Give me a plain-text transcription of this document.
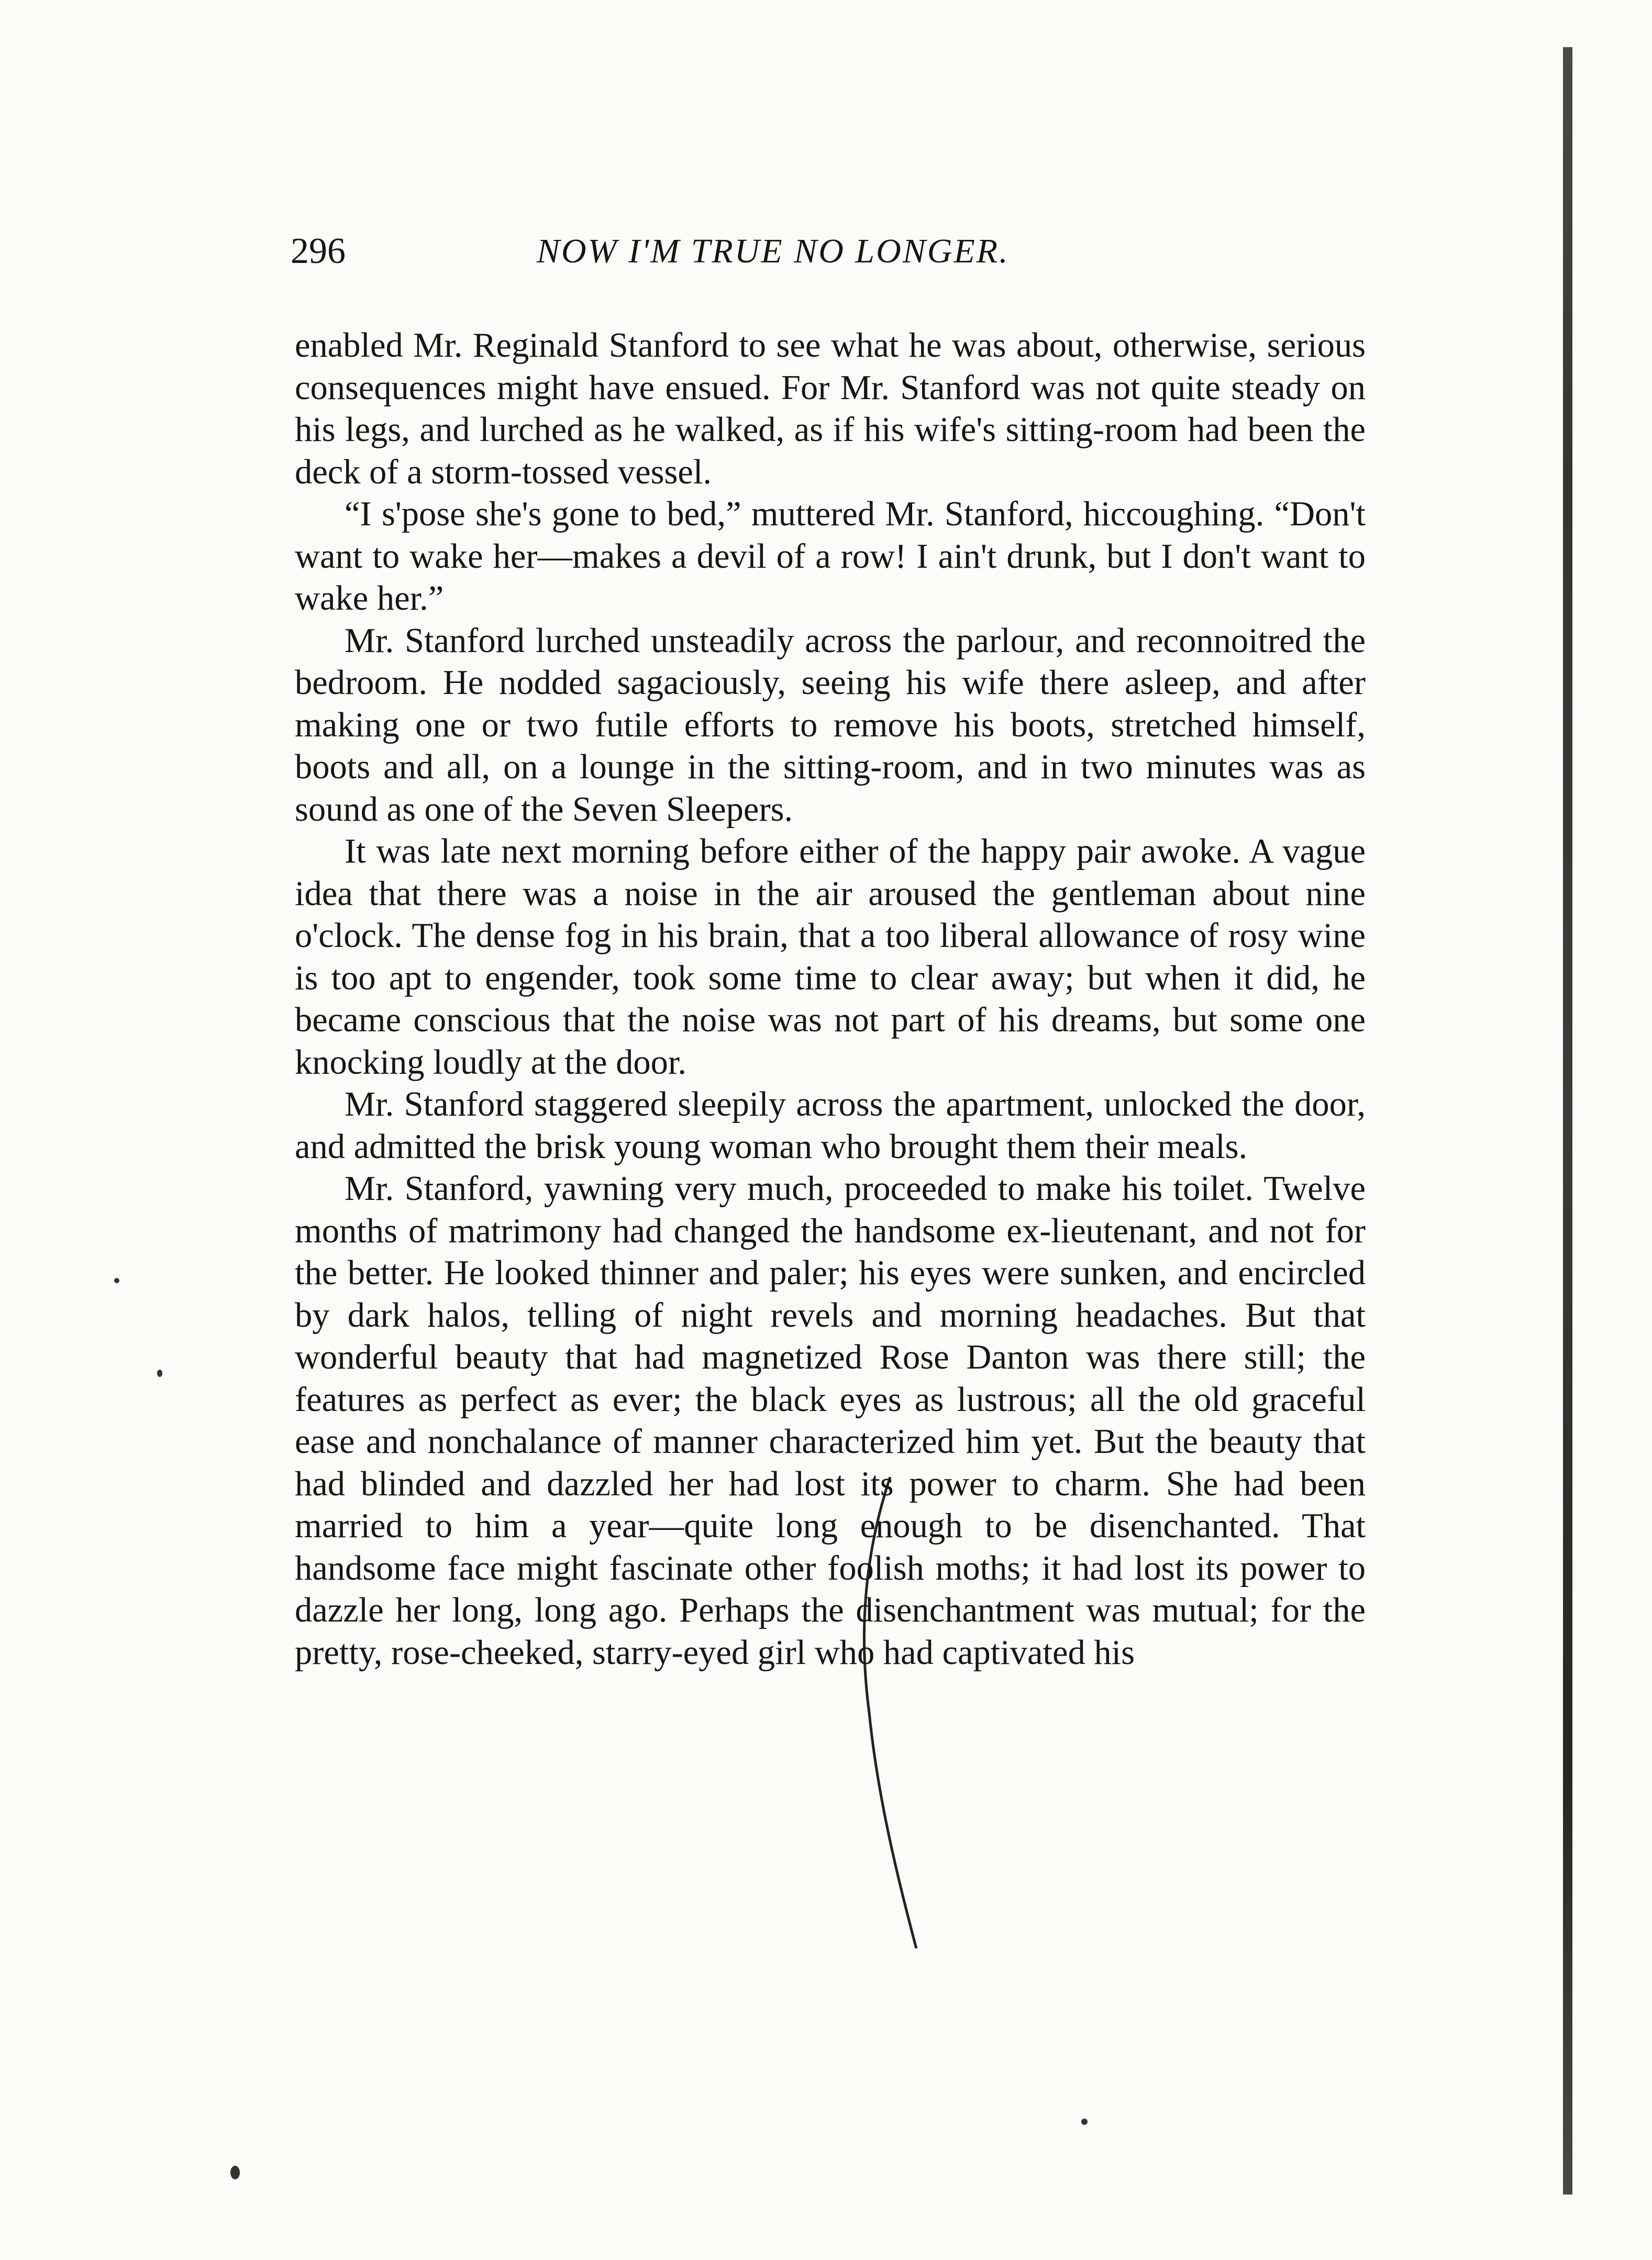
296	NOW I'M TRUE NO LONGER.

enabled Mr. Reginald Stanford to see what he was about, otherwise, serious consequences might have ensued. For Mr. Stanford was not quite steady on his legs, and lurched as he walked, as if his wife's sitting-room had been the deck of a storm-tossed vessel.

“I s'pose she's gone to bed,” muttered Mr. Stanford, hiccoughing. “Don't want to wake her—makes a devil of a row! I ain't drunk, but I don't want to wake her.”

Mr. Stanford lurched unsteadily across the parlour, and reconnoitred the bedroom. He nodded sagaciously, seeing his wife there asleep, and after making one or two futile efforts to remove his boots, stretched himself, boots and all, on a lounge in the sitting-room, and in two minutes was as sound as one of the Seven Sleepers.

It was late next morning before either of the happy pair awoke. A vague idea that there was a noise in the air aroused the gentleman about nine o'clock. The dense fog in his brain, that a too liberal allowance of rosy wine is too apt to engender, took some time to clear away; but when it did, he became conscious that the noise was not part of his dreams, but some one knocking loudly at the door.

Mr. Stanford staggered sleepily across the apartment, unlocked the door, and admitted the brisk young woman who brought them their meals.

Mr. Stanford, yawning very much, proceeded to make his toilet. Twelve months of matrimony had changed the handsome ex-lieutenant, and not for the better. He looked thinner and paler; his eyes were sunken, and encircled by dark halos, telling of night revels and morning headaches. But that wonderful beauty that had magnetized Rose Danton was there still; the features as perfect as ever; the black eyes as lustrous; all the old graceful ease and nonchalance of manner characterized him yet. But the beauty that had blinded and dazzled her had lost its power to charm. She had been married to him a year—quite long enough to be disenchanted. That handsome face might fascinate other foolish moths; it had lost its power to dazzle her long, long ago. Perhaps the disenchantment was mutual; for the pretty, rose-cheeked, starry-eyed girl who had captivated his
